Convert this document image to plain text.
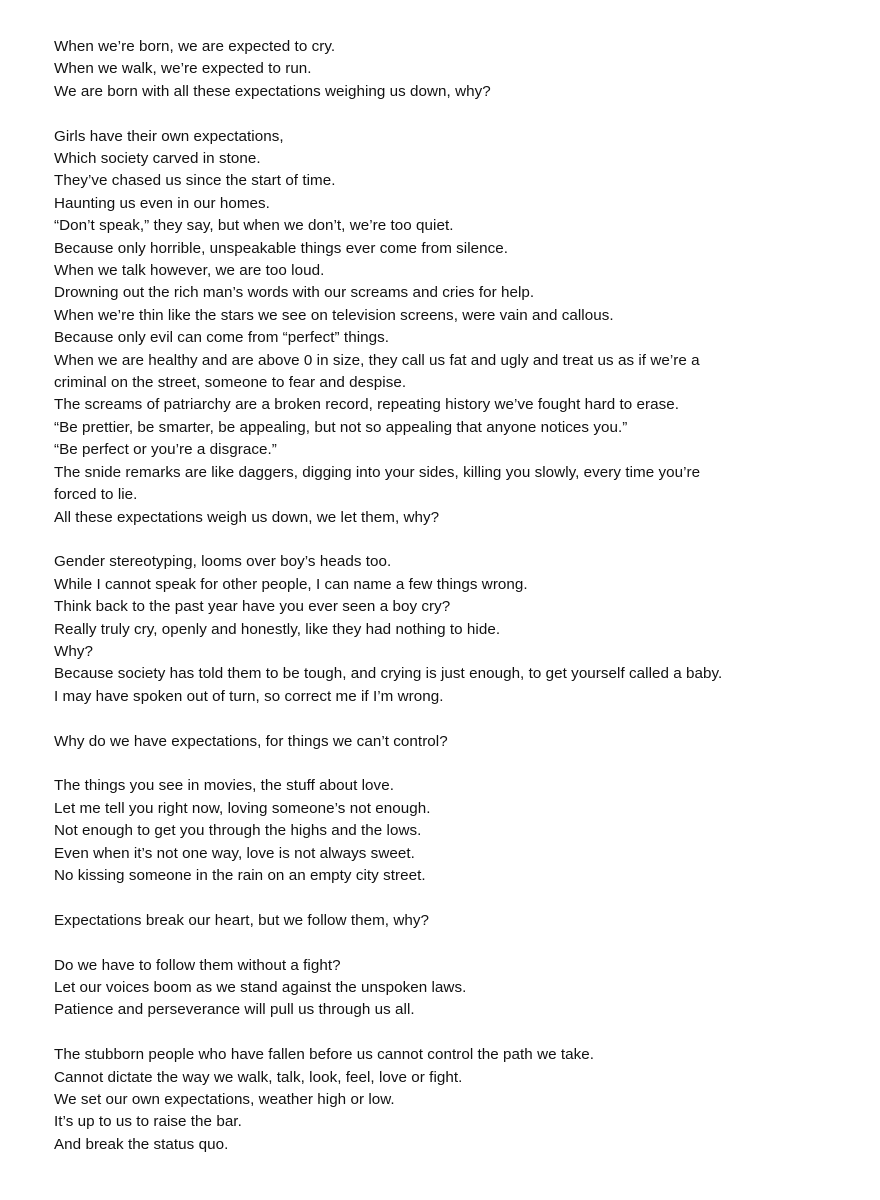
When we’re born, we are expected to cry.
When we walk, we’re expected to run.
We are born with all these expectations weighing us down, why?
Girls have their own expectations,
Which society carved in stone.
They’ve chased us since the start of time.
Haunting us even in our homes.
“Don’t speak,” they say, but when we don’t, we’re too quiet.
Because only horrible, unspeakable things ever come from silence.
When we talk however, we are too loud.
Drowning out the rich man’s words with our screams and cries for help.
When we’re thin like the stars we see on television screens, were vain and callous.
Because only evil can come from “perfect” things.
When we are healthy and are above 0 in size, they call us fat and ugly and treat us as if we’re a
criminal on the street, someone to fear and despise.
The screams of patriarchy are a broken record, repeating history we’ve fought hard to erase.
“Be prettier, be smarter, be appealing, but not so appealing that anyone notices you.”
“Be perfect or you’re a disgrace.”
The snide remarks are like daggers, digging into your sides, killing you slowly, every time you’re
forced to lie.
All these expectations weigh us down, we let them, why?
Gender stereotyping, looms over boy’s heads too.
While I cannot speak for other people, I can name a few things wrong.
Think back to the past year have you ever seen a boy cry?
Really truly cry, openly and honestly, like they had nothing to hide.
Why?
Because society has told them to be tough, and crying is just enough, to get yourself called a baby.
I may have spoken out of turn, so correct me if I’m wrong.
Why do we have expectations, for things we can’t control?
The things you see in movies, the stuff about love.
Let me tell you right now, loving someone’s not enough.
Not enough to get you through the highs and the lows.
Even when it’s not one way, love is not always sweet.
No kissing someone in the rain on an empty city street.
Expectations break our heart, but we follow them, why?
Do we have to follow them without a fight?
Let our voices boom as we stand against the unspoken laws.
Patience and perseverance will pull us through us all.
The stubborn people who have fallen before us cannot control the path we take.
Cannot dictate the way we walk, talk, look, feel, love or fight.
We set our own expectations, weather high or low.
It’s up to us to raise the bar.
And break the status quo.
